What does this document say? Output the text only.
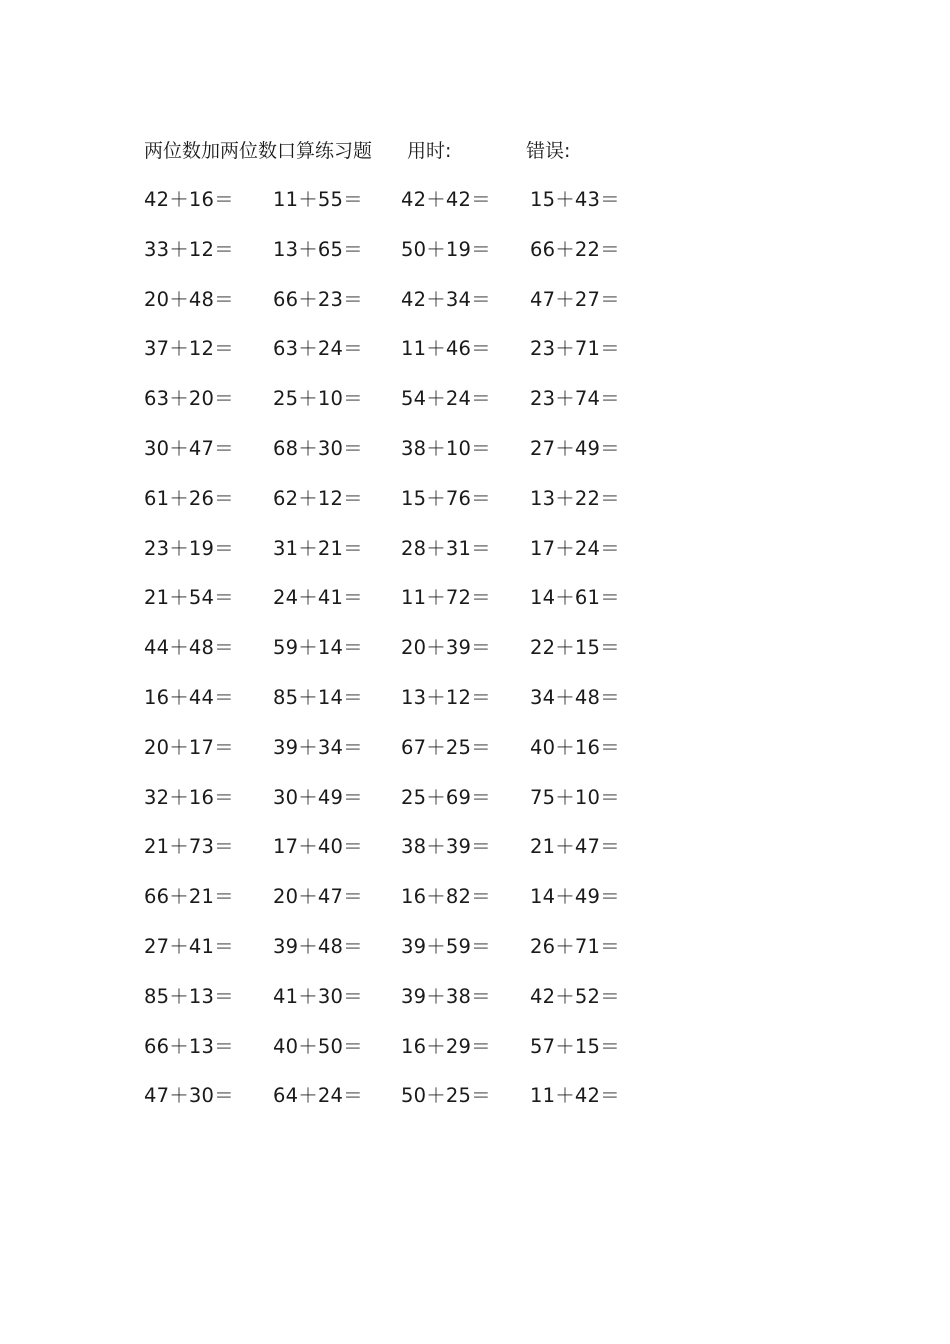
两位数加两位数口算练习题 用时:	错误:
42＋16＝	11＋55＝	42＋42＝	15＋43＝
33＋12＝	13＋65＝	50＋19＝	66＋22＝
20＋48＝	66＋23＝	42＋34＝	47＋27＝
37＋12＝	63＋24＝	11＋46＝	23＋71＝
63＋20＝	25＋10＝	54＋24＝	23＋74＝
30＋47＝	68＋30＝	38＋10＝	27＋49＝
61＋26＝	62＋12＝	15＋76＝	13＋22＝
23＋19＝	31＋21＝	28＋31＝	17＋24＝
21＋54＝	24＋41＝	11＋72＝	14＋61＝
44＋48＝	59＋14＝	20＋39＝	22＋15＝
16＋44＝	85＋14＝	13＋12＝	34＋48＝
20＋17＝	39＋34＝	67＋25＝	40＋16＝
32＋16＝	30＋49＝	25＋69＝	75＋10＝
21＋73＝	17＋40＝	38＋39＝	21＋47＝
66＋21＝	20＋47＝	16＋82＝	14＋49＝
27＋41＝	39＋48＝	39＋59＝	26＋71＝
85＋13＝	41＋30＝	39＋38＝	42＋52＝
66＋13＝	40＋50＝	16＋29＝	57＋15＝
47＋30＝	64＋24＝	50＋25＝	11＋42＝
